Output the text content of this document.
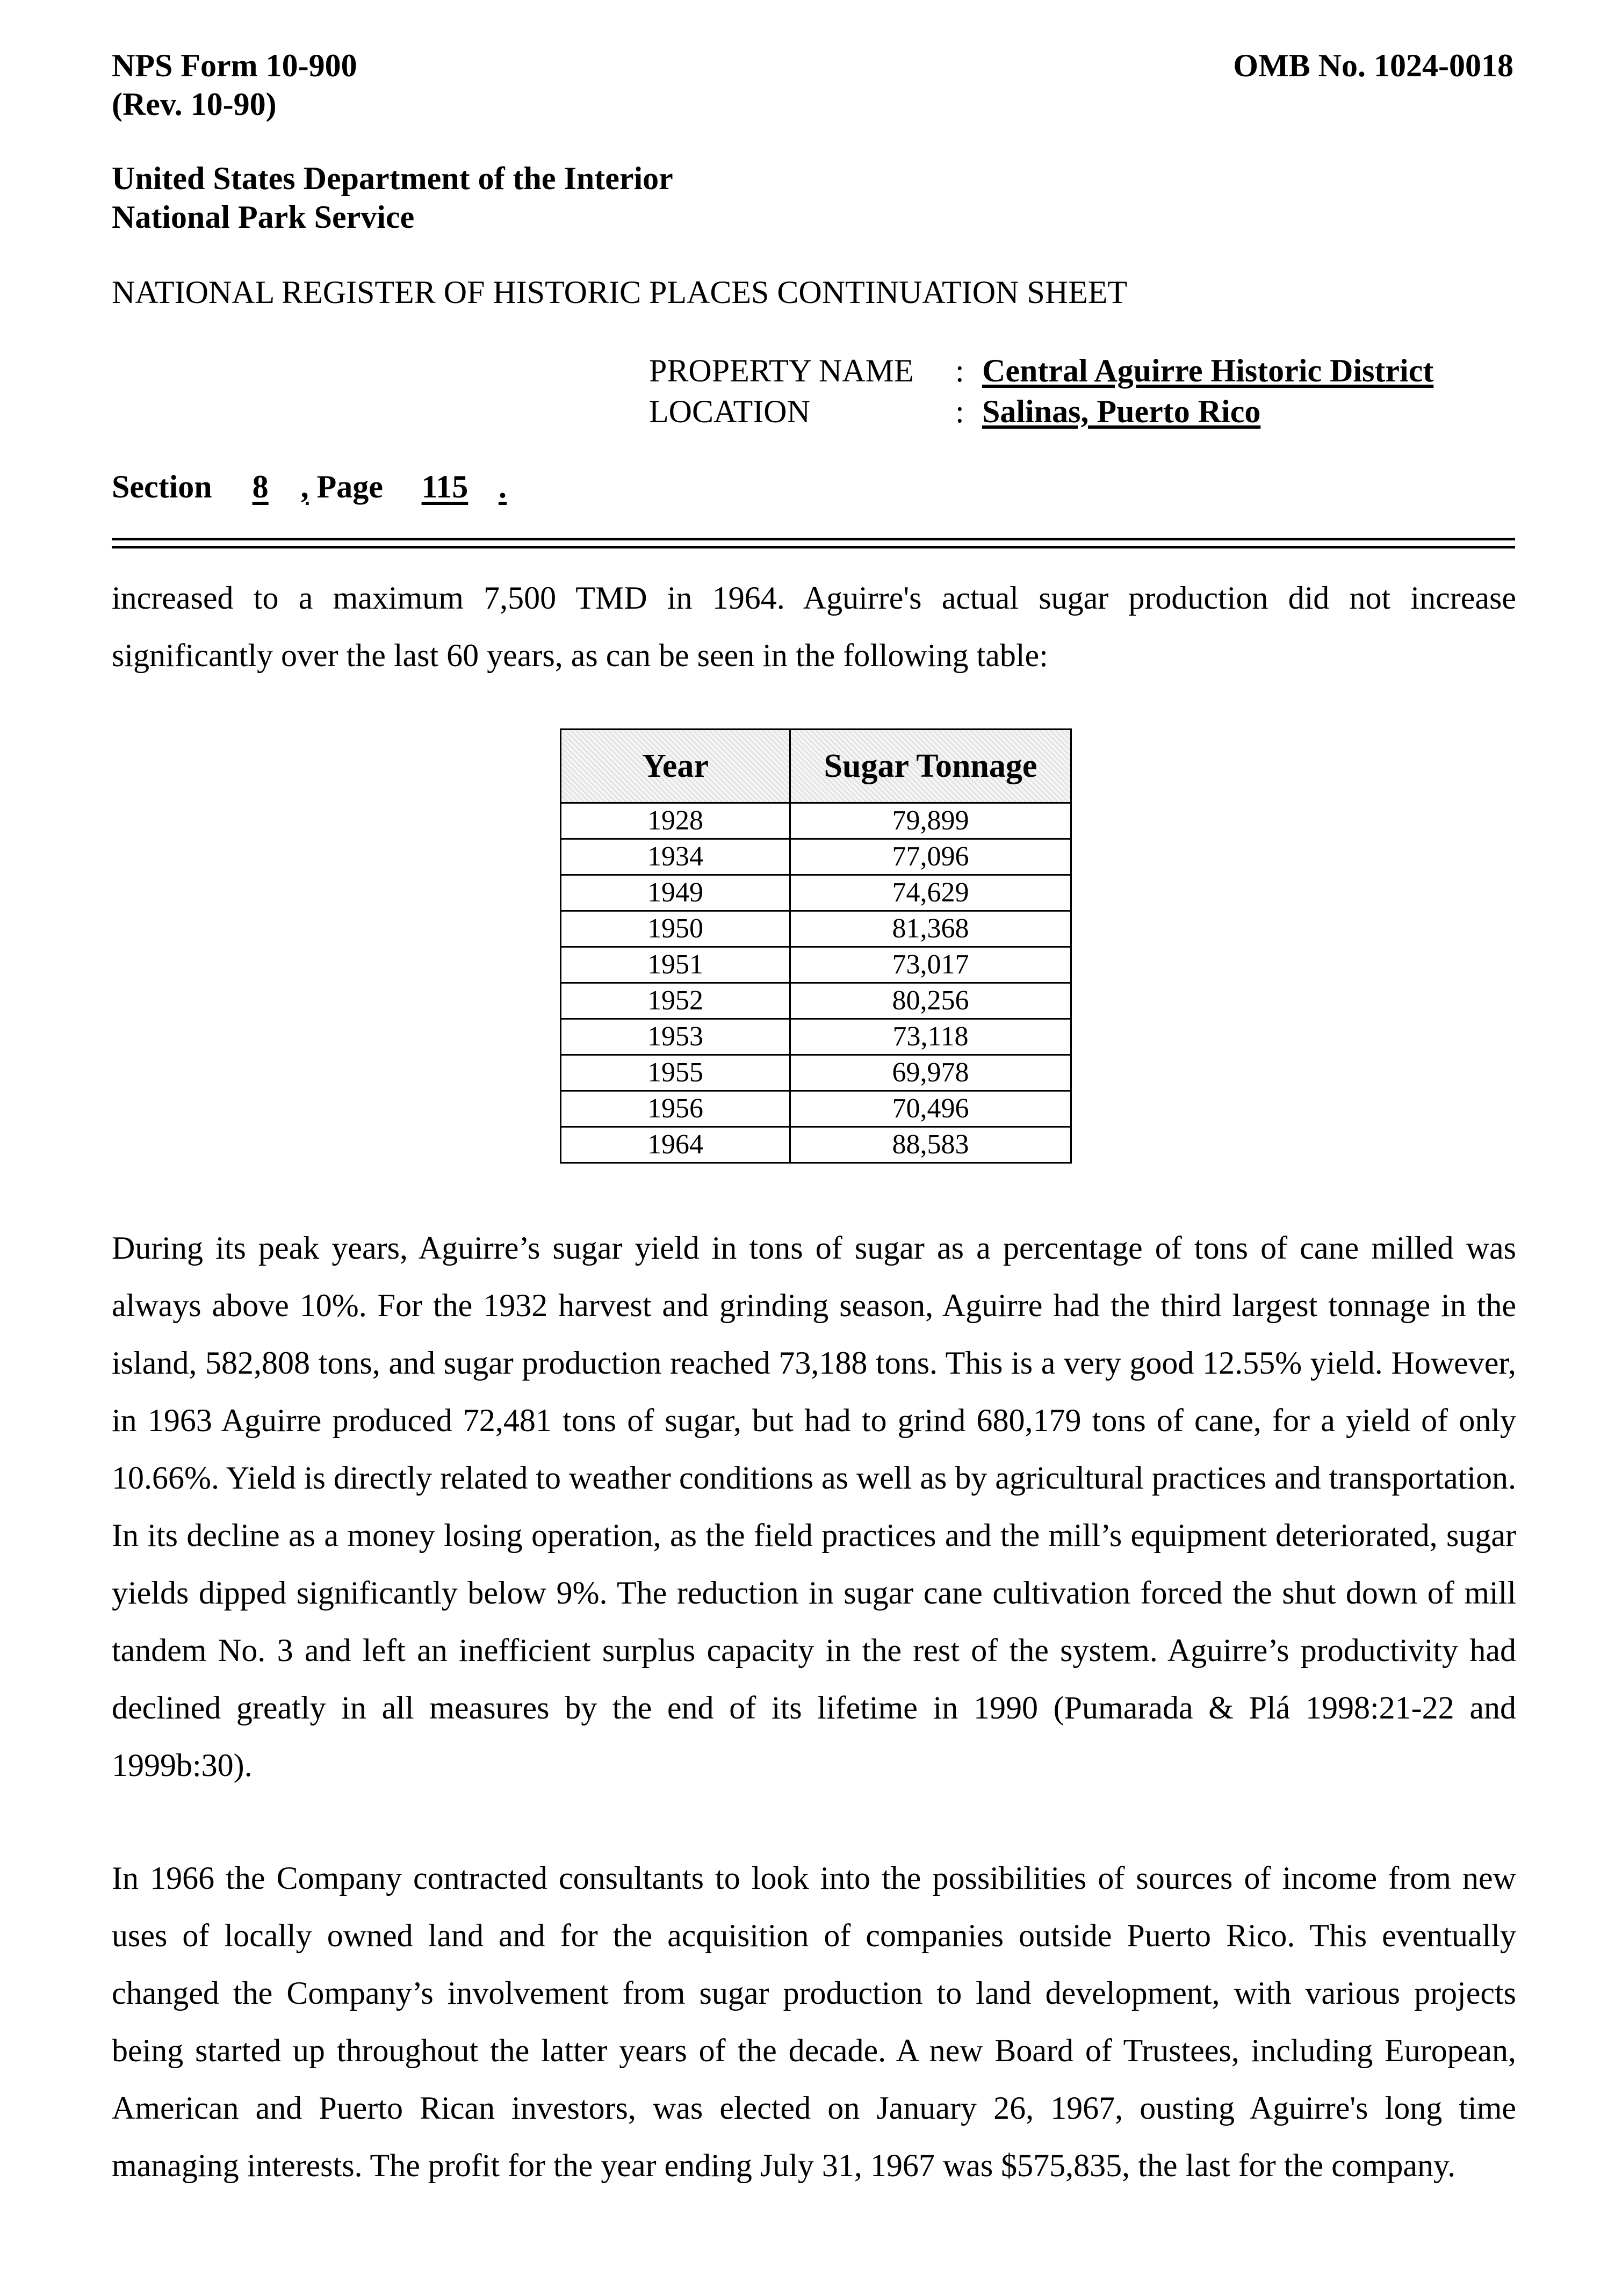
NPS Form 10-900
(Rev. 10-90)
OMB No. 1024-0018
United States Department of the Interior
National Park Service
NATIONAL REGISTER OF HISTORIC PLACES CONTINUATION SHEET
PROPERTY NAME	: Central Aguirre Historic District
LOCATION	: Salinas, Puerto Rico
Section 8 , Page 115 .
increased to a maximum 7,500 TMD in 1964. Aguirre's actual sugar production did not increase significantly over the last 60 years, as can be seen in the following table:
Year	Sugar Tonnage
1928	79,899
1934	77,096
1949	74,629
1950	81,368
1951	73,017
1952	80,256
1953	73,118
1955	69,978
1956	70,496
1964	88,583
During its peak years, Aguirre’s sugar yield in tons of sugar as a percentage of tons of cane milled was always above 10%. For the 1932 harvest and grinding season, Aguirre had the third largest tonnage in the island, 582,808 tons, and sugar production reached 73,188 tons. This is a very good 12.55% yield. However, in 1963 Aguirre produced 72,481 tons of sugar, but had to grind 680,179 tons of cane, for a yield of only 10.66%. Yield is directly related to weather conditions as well as by agricultural practices and transportation. In its decline as a money losing operation, as the field practices and the mill’s equipment deteriorated, sugar yields dipped significantly below 9%. The reduction in sugar cane cultivation forced the shut down of mill tandem No. 3 and left an inefficient surplus capacity in the rest of the system. Aguirre’s productivity had declined greatly in all measures by the end of its lifetime in 1990 (Pumarada & Plá 1998:21-22 and 1999b:30).
In 1966 the Company contracted consultants to look into the possibilities of sources of income from new uses of locally owned land and for the acquisition of companies outside Puerto Rico. This eventually changed the Company’s involvement from sugar production to land development, with various projects being started up throughout the latter years of the decade. A new Board of Trustees, including European, American and Puerto Rican investors, was elected on January 26, 1967, ousting Aguirre's long time managing interests. The profit for the year ending July 31, 1967 was $575,835, the last for the company.
